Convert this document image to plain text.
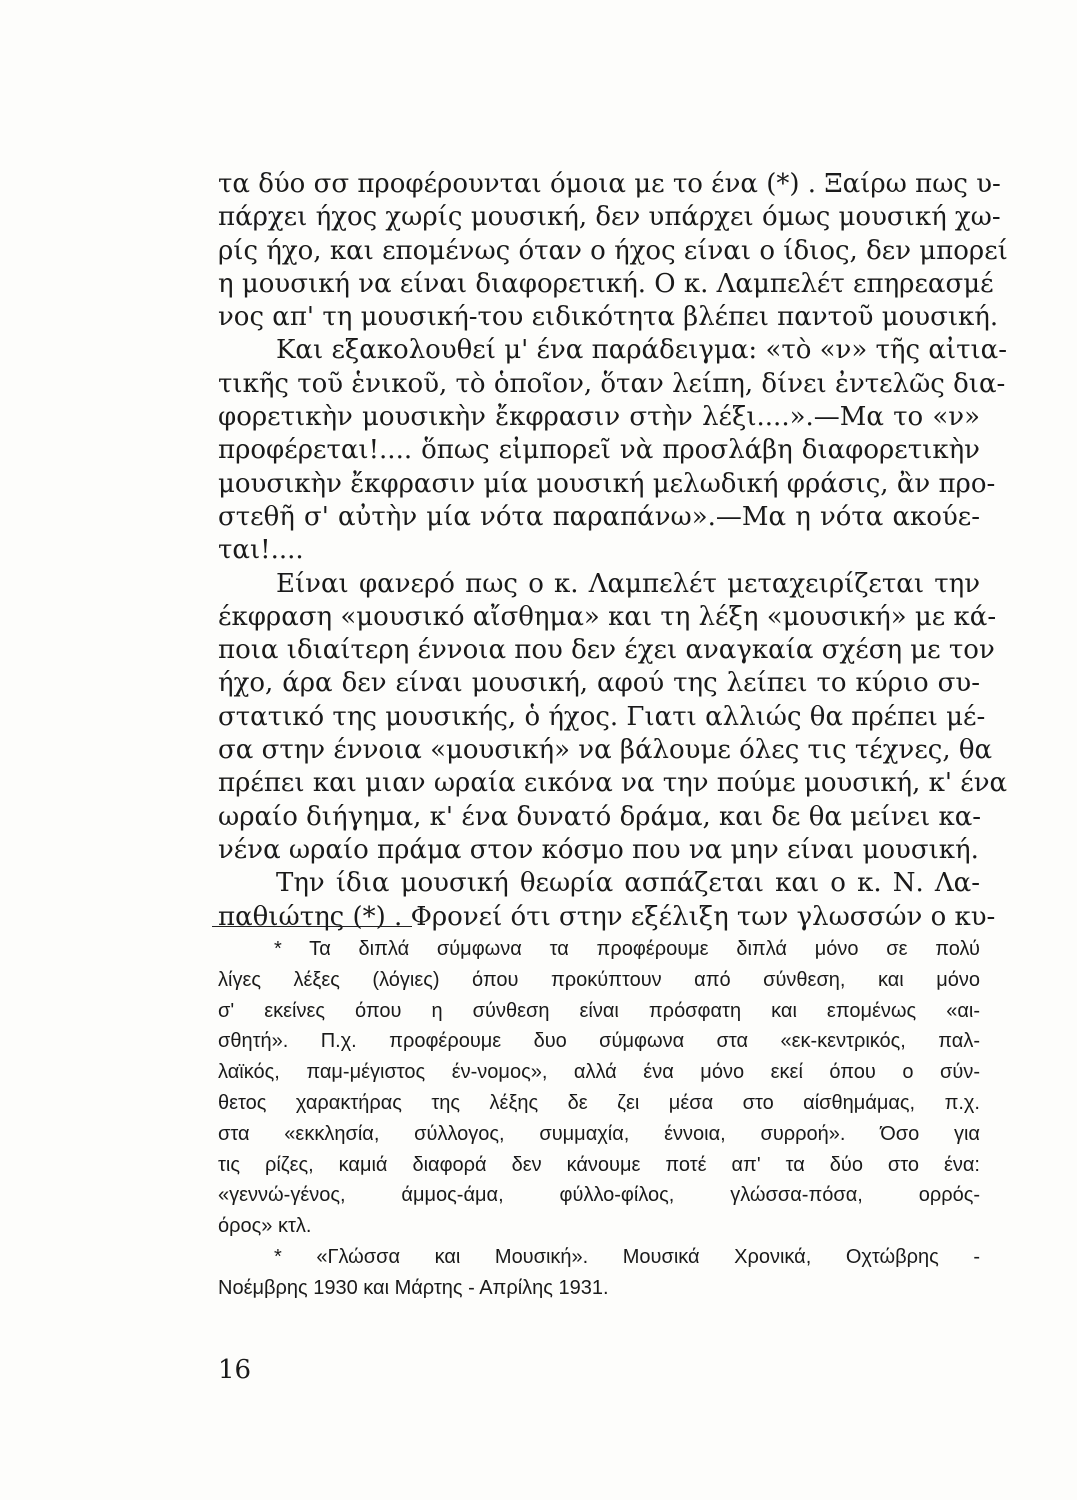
τα δύο σσ προφέρουνται όμοια με το ένα (*) . Ξαίρω πως υ-
πάρχει ήχος χωρίς μουσική, δεν υπάρχει όμως μουσική χω-
ρίς ήχο, και επομένως όταν ο ήχος είναι ο ίδιος, δεν μπορεί
η μουσική να είναι διαφορετική. Ο κ. Λαμπελέτ επηρεασμέ
νος απ' τη μουσική-του ειδικότητα βλέπει παντοῦ μουσική.
Και εξακολουθεί μ' ένα παράδειγμα: «τὸ «ν» τῆς αἰτια-
τικῆς τοῦ ἑνικοῦ, τὸ ὁποῖον, ὅταν λείπη, δίνει ἐντελῶς δια-
φορετικὴν μουσικὴν ἔκφρασιν στὴν λέξι....».—Μα το «ν»
προφέρεται!.... ὅπως εἰμπορεῖ νὰ προσλάβη διαφορετικὴν
μουσικὴν ἔκφρασιν μία μουσική μελωδική φράσις, ἂν προ-
στεθῆ σ' αὐτὴν μία νότα παραπάνω».—Μα η νότα ακούε-
ται!....
Είναι φανερό πως ο κ. Λαμπελέτ μεταχειρίζεται την
έκφραση «μουσικό αἴσθημα» και τη λέξη «μουσική» με κά-
ποια ιδιαίτερη έννοια που δεν έχει αναγκαία σχέση με τον
ήχο, άρα δεν είναι μουσική, αφού της λείπει το κύριο συ-
στατικό της μουσικής, ὁ ήχος. Γιατι αλλιώς θα πρέπει μέ-
σα στην έννοια «μουσική» να βάλουμε όλες τις τέχνες, θα
πρέπει και μιαν ωραία εικόνα να την πούμε μουσική, κ' ένα
ωραίο διήγημα, κ' ένα δυνατό δράμα, και δε θα μείνει κα-
νένα ωραίο πράμα στον κόσμο που να μην είναι μουσική.
Την ίδια μουσική θεωρία ασπάζεται και ο κ. Ν. Λα-
παθιώτης (*) . Φρονεί ότι στην εξέλιξη των γλωσσών ο κυ-
* Τα διπλά σύμφωνα τα προφέρουμε διπλά μόνο σε πολύ
λίγες λέξες (λόγιες) όπου προκύπτουν από σύνθεση, και μόνο
σ' εκείνες όπου η σύνθεση είναι πρόσφατη και επομένως «αι-
σθητή». Π.χ. προφέρουμε δυο σύμφωνα στα «εκ-κεντρικός, παλ-
λαϊκός, παμ-μέγιστος έν-νομος», αλλά ένα μόνο εκεί όπου ο σύν-
θετος χαρακτήρας της λέξης δε ζει μέσα στο αίσθημάμας, π.χ.
στα «εκκλησία, σύλλογος, συμμαχία, έννοια, συρροή». Όσο για
τις ρίζες, καμιά διαφορά δεν κάνουμε ποτέ απ' τα δύο στο ένα:
«γεννώ-γένος, άμμος-άμα, φύλλο-φίλος, γλώσσα-πόσα, ορρός-
όρος» κτλ.
* «Γλώσσα και Μουσική». Μουσικά Χρονικά, Οχτώβρης -
Νοέμβρης 1930 και Μάρτης - Απρίλης 1931.
16
